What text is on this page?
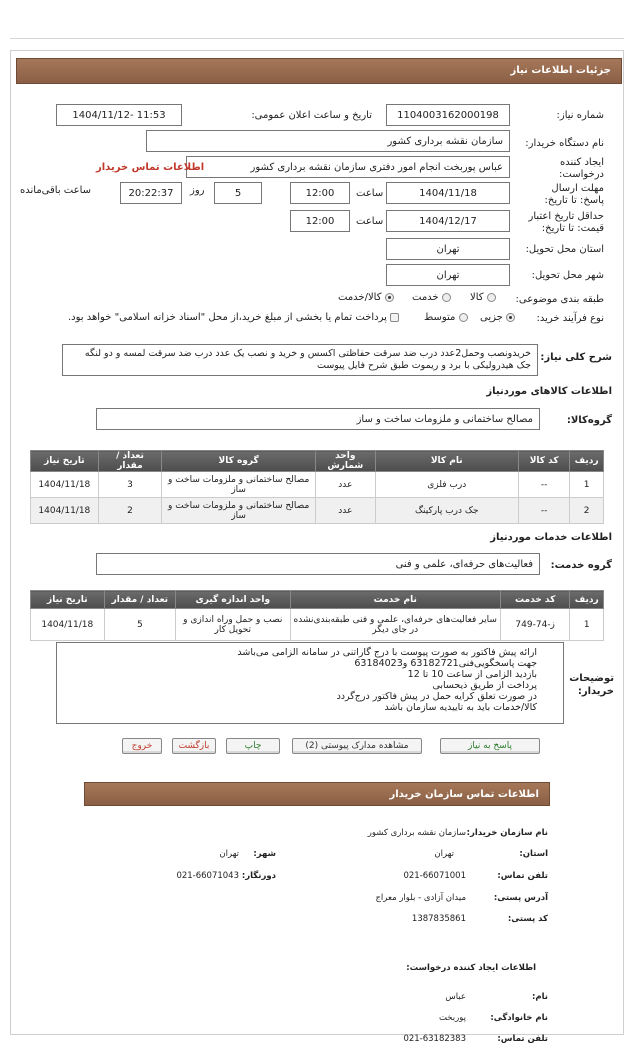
جزئیات اطلاعات نیاز
شماره نیاز:
1104003162000198
تاریخ و ساعت اعلان عمومی:
1404/11/12- 11:53
نام دستگاه خریدار:
سازمان نقشه برداری کشور
ایجاد کننده درخواست:
عباس پوربخت انجام امور دفتری سازمان نقشه برداری کشور
اطلاعات تماس خریدار
مهلت ارسال پاسخ: تا تاریخ:
1404/11/18
ساعت
12:00
5
روز
20:22:37
ساعت باقی‌مانده
حداقل تاریخ اعتبار قیمت: تا تاریخ:
1404/12/17
ساعت
12:00
استان محل تحویل:
تهران
شهر محل تحویل:
تهران
طبقه بندی موضوعی:
کالا
خدمت
کالا/خدمت
نوع فرآیند خرید:
جزیی
متوسط
پرداخت تمام یا بخشی از مبلغ خرید،از محل "اسناد خزانه اسلامی" خواهد بود.
شرح کلی نیاز:
خریدونصب وحمل2عدد درب ضد سرقت حفاظتی اکسس و خرید و نصب یک عدد درب ضد سرقت لمسه و دو لنگه جک هیدرولیکی با برد و ریموت طبق شرح فایل پیوست
اطلاعات کالاهای مورد‌نیاز
گروه‌کالا:
مصالح ساختمانی و ملزومات ساخت و ساز
ردیف	کد کالا	نام کالا	واحد شمارش	گروه کالا	تعداد / مقدار	تاریخ نیاز
1	--	درب فلزی	عدد	مصالح ساختمانی و ملزومات ساخت و ساز	3	1404/11/18
2	--	جک درب پارکینگ	عدد	مصالح ساختمانی و ملزومات ساخت و ساز	2	1404/11/18
اطلاعات خدمات مورد‌نیاز
گروه خدمت:
فعالیت‌های حرفه‌ای، علمی و فنی
ردیف	کد خدمت	نام خدمت	واحد اندازه گیری	تعداد / مقدار	تاریخ نیاز
1	ز-74-749	سایر فعالیت‌های حرفه‌ای، علمی و فنی طبقه‌بندی‌نشده در جای دیگر	نصب و حمل وراه اندازی و تحویل کار	5	1404/11/18
توضیحات خریدار:
ارائه پیش فاکتور به صورت پیوست با درج گاراتنی در سامانه الزامی می‌باشد
جهت پاسخگویی‌فنی63182721 و63184023
بازدید الزامی از ساعت 10 تا 12
پرداخت از طریق ذیحسابی
در صورت تعلق کرایه حمل در پیش فاکتور درج‌گردد
کالا/خدمات باید به تاییدیه سازمان باشد
پاسخ به نیاز
مشاهده مدارک پیوستی (2)
چاپ
بازگشت
خروج
اطلاعات تماس سازمان خریدار
نام سازمان خریدار:
سازمان نقشه برداری کشور
استان:
تهران
شهر:
تهران
تلفن تماس:
021-66071001
دورنگار:
021-66071043
آدرس پستی:
میدان آزادی - بلوار معراج
کد پستی:
1387835861
اطلاعات ایجاد کننده درخواست:
نام:
عباس
نام خانوادگی:
پوربخت
تلفن تماس:
021-63182383
